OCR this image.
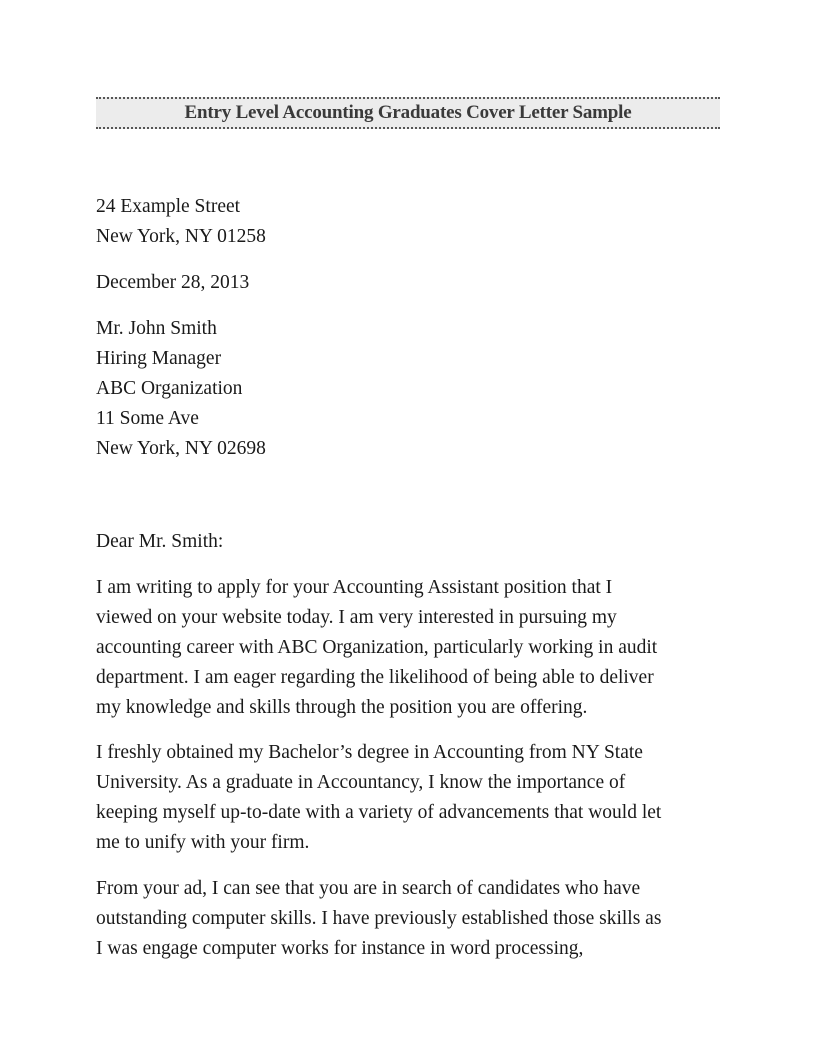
Entry Level Accounting Graduates Cover Letter Sample
24 Example Street
New York, NY 01258
December 28, 2013
Mr. John Smith
Hiring Manager
ABC Organization
11 Some Ave
New York, NY 02698
Dear Mr. Smith:
I am writing to apply for your Accounting Assistant position that I
viewed on your website today. I am very interested in pursuing my
accounting career with ABC Organization, particularly working in audit
department. I am eager regarding the likelihood of being able to deliver
my knowledge and skills through the position you are offering.
I freshly obtained my Bachelor’s degree in Accounting from NY State
University. As a graduate in Accountancy, I know the importance of
keeping myself up-to-date with a variety of advancements that would let
me to unify with your firm.
From your ad, I can see that you are in search of candidates who have
outstanding computer skills. I have previously established those skills as
I was engage computer works for instance in word processing,
